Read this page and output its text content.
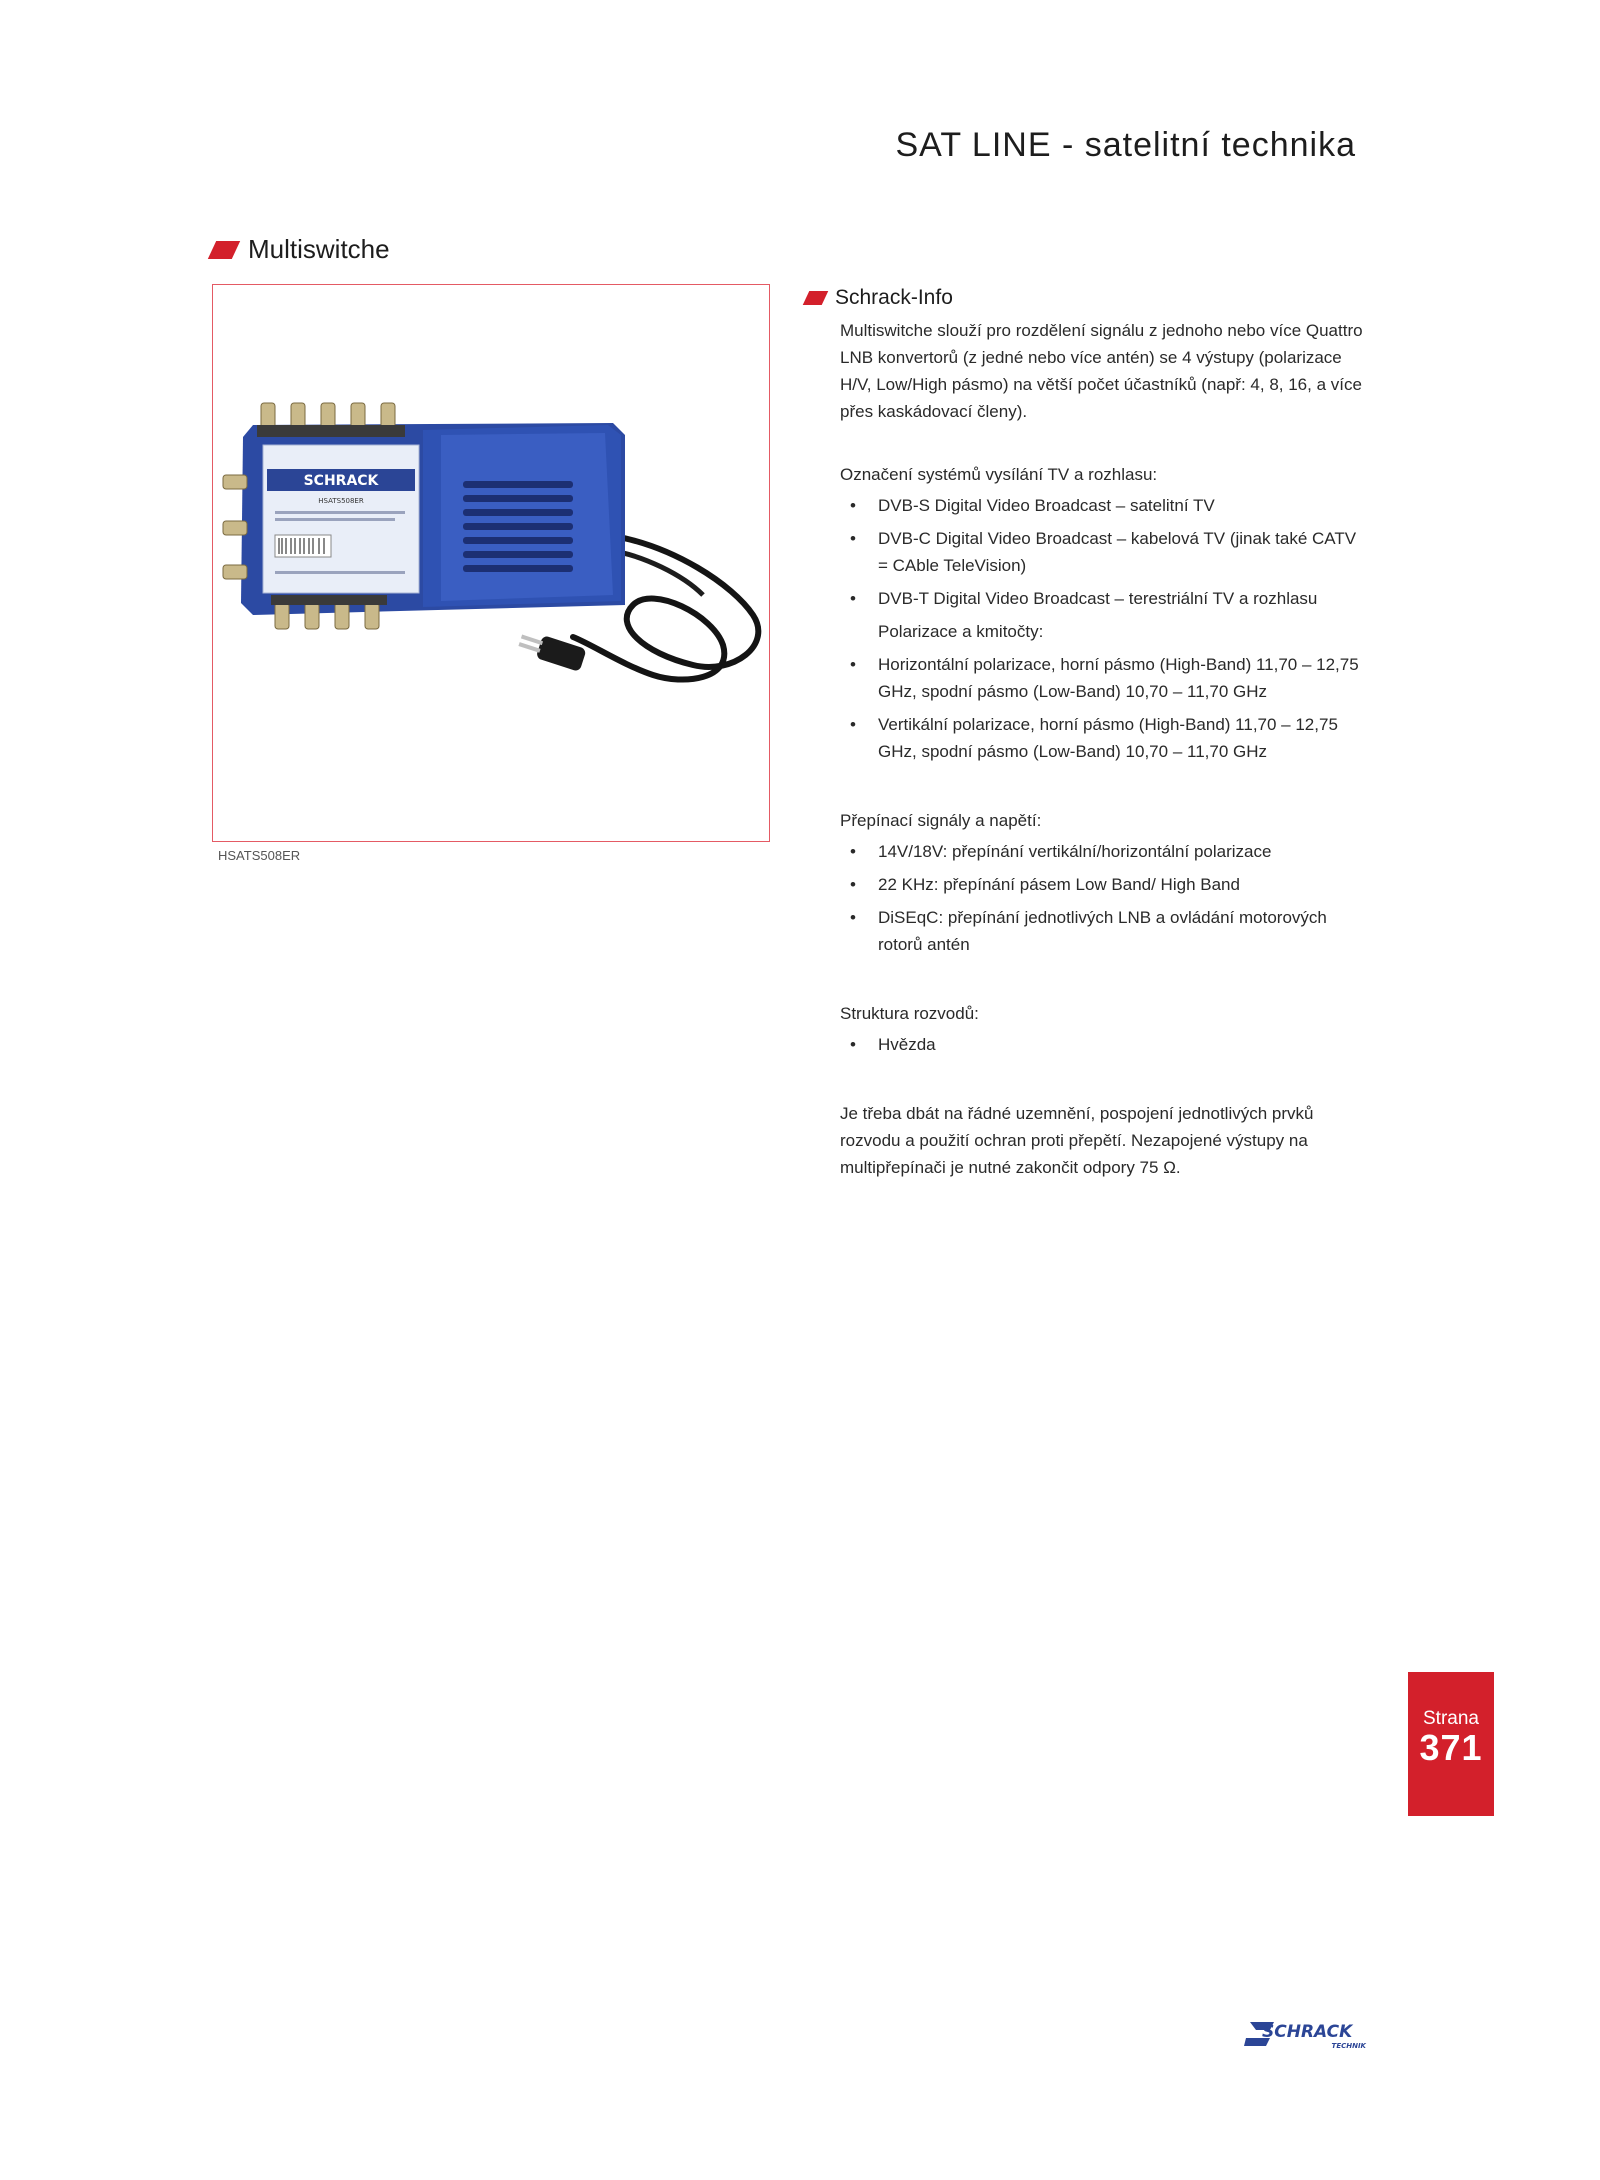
SAT LINE - satelitní technika
Multiswitche
SCHRACK
HSATS508ER
HSATS508ER
Schrack-Info

Multiswitche slouží pro rozdělení signálu z jednoho nebo více Quattro LNB konvertorů (z jedné nebo více antén) se 4 výstupy (polarizace H/V, Low/High pásmo) na větší počet účastníků (např: 4, 8, 16, a více přes kaskádovací členy).

Označení systémů vysílání TV a rozhlasu:

• DVB-S Digital Video Broadcast – satelitní TV
• DVB-C Digital Video Broadcast – kabelová TV (jinak také CATV = CAble TeleVision)
• DVB-T Digital Video Broadcast – terestriální TV a rozhlasu
Polarizace a kmitočty:
• Horizontální polarizace, horní pásmo (High-Band) 11,70 – 12,75 GHz, spodní pásmo (Low-Band) 10,70 – 11,70 GHz
• Vertikální polarizace, horní pásmo (High-Band) 11,70 – 12,75 GHz, spodní pásmo (Low-Band) 10,70 – 11,70 GHz

Přepínací signály a napětí:

• 14V/18V: přepínání vertikální/horizontální polarizace
• 22 KHz: přepínání pásem Low Band/ High Band
• DiSEqC: přepínání jednotlivých LNB a ovládání motorových rotorů antén

Struktura rozvodů:

• Hvězda

Je třeba dbát na řádné uzemnění, pospojení jednotlivých prvků rozvodu a použití ochran proti přepětí. Nezapojené výstupy na multipřepínači je nutné zakončit odpory 75 Ω.

Strana
371
SCHRACK
TECHNIK
